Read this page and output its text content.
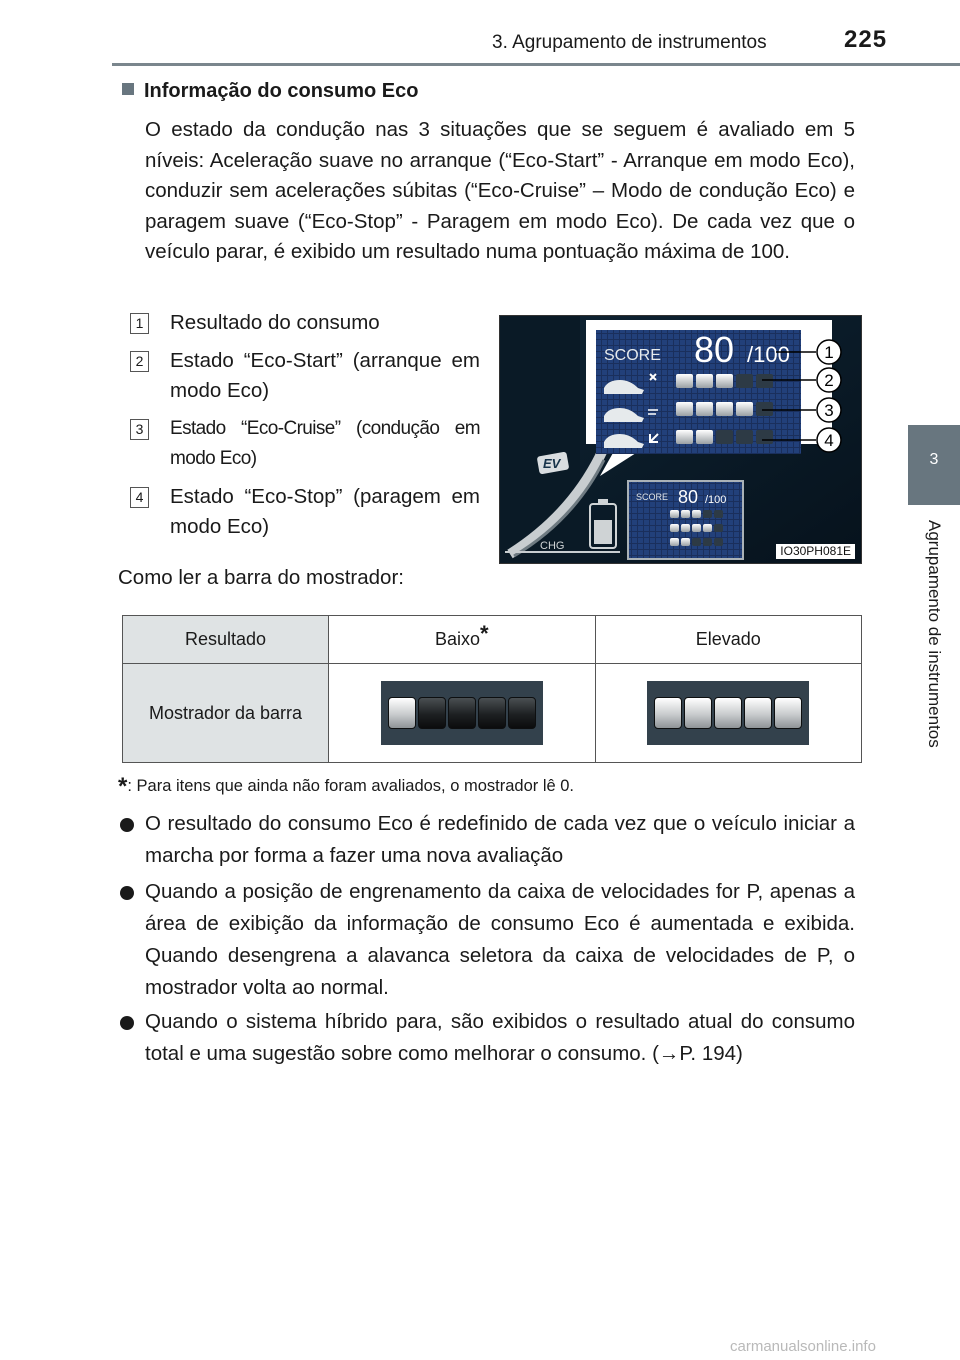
3. Agrupamento de instrumentos	225
3
Agrupamento de instrumentos
Informação do consumo Eco

O estado da condução nas 3 situações que se seguem é avaliado em 5 níveis: Aceleração suave no arranque (“Eco-Start” - Arranque em modo Eco), conduzir sem acelerações súbitas (“Eco-Cruise” – Modo de condução Eco) e paragem suave (“Eco-Stop” - Paragem em modo Eco). De cada vez que o veículo parar, é exibido um resultado numa pontuação máxima de 100.

1 Resultado do consumo
2 Estado “Eco-Start” (arranque em modo Eco)
3 Estado “Eco-Cruise” (condução em modo Eco)
4 Estado “Eco-Stop” (paragem em modo Eco)
EV
CHG
SCORE 80 /100
SCORE 80 /100 1
2
3
4
IO30PH081E
Como ler a barra do mostrador:
Resultado	Baixo*	Elevado
Mostrador da barra		
*: Para itens que ainda não foram avaliados, o mostrador lê 0.
O resultado do consumo Eco é redefinido de cada vez que o veículo iniciar a marcha por forma a fazer uma nova avaliação
Quando a posição de engrenamento da caixa de velocidades for P, apenas a área de exibição da informação de consumo Eco é aumentada e exibida. Quando desengrena a alavanca seletora da caixa de velocidades de P, o mostrador volta ao normal.
Quando o sistema híbrido para, são exibidos o resultado atual do consumo total e uma sugestão sobre como melhorar o consumo. (→P. 194)
carmanualsonline.info
